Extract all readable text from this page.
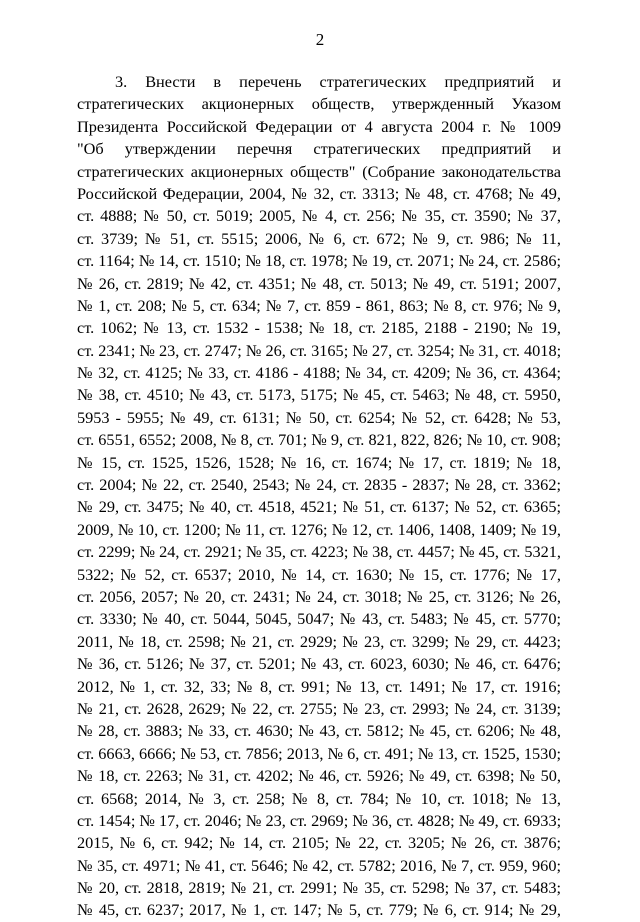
2
3. Внести в перечень стратегических предприятий и
стратегических акционерных обществ, утвержденный Указом
Президента Российской Федерации от 4 августа 2004 г. № 1009
"Об утверждении перечня стратегических предприятий и
стратегических акционерных обществ" (Собрание законодательства
Российской Федерации, 2004, № 32, ст. 3313; № 48, ст. 4768; № 49,
ст. 4888; № 50, ст. 5019; 2005, № 4, ст. 256; № 35, ст. 3590; № 37,
ст. 3739; № 51, ст. 5515; 2006, № 6, ст. 672; № 9, ст. 986; № 11,
ст. 1164; № 14, ст. 1510; № 18, ст. 1978; № 19, ст. 2071; № 24, ст. 2586;
№ 26, ст. 2819; № 42, ст. 4351; № 48, ст. 5013; № 49, ст. 5191; 2007,
№ 1, ст. 208; № 5, ст. 634; № 7, ст. 859 - 861, 863; № 8, ст. 976; № 9,
ст. 1062; № 13, ст. 1532 - 1538; № 18, ст. 2185, 2188 - 2190; № 19,
ст. 2341; № 23, ст. 2747; № 26, ст. 3165; № 27, ст. 3254; № 31, ст. 4018;
№ 32, ст. 4125; № 33, ст. 4186 - 4188; № 34, ст. 4209; № 36, ст. 4364;
№ 38, ст. 4510; № 43, ст. 5173, 5175; № 45, ст. 5463; № 48, ст. 5950,
5953 - 5955; № 49, ст. 6131; № 50, ст. 6254; № 52, ст. 6428; № 53,
ст. 6551, 6552; 2008, № 8, ст. 701; № 9, ст. 821, 822, 826; № 10, ст. 908;
№ 15, ст. 1525, 1526, 1528; № 16, ст. 1674; № 17, ст. 1819; № 18,
ст. 2004; № 22, ст. 2540, 2543; № 24, ст. 2835 - 2837; № 28, ст. 3362;
№ 29, ст. 3475; № 40, ст. 4518, 4521; № 51, ст. 6137; № 52, ст. 6365;
2009, № 10, ст. 1200; № 11, ст. 1276; № 12, ст. 1406, 1408, 1409; № 19,
ст. 2299; № 24, ст. 2921; № 35, ст. 4223; № 38, ст. 4457; № 45, ст. 5321,
5322; № 52, ст. 6537; 2010, № 14, ст. 1630; № 15, ст. 1776; № 17,
ст. 2056, 2057; № 20, ст. 2431; № 24, ст. 3018; № 25, ст. 3126; № 26,
ст. 3330; № 40, ст. 5044, 5045, 5047; № 43, ст. 5483; № 45, ст. 5770;
2011, № 18, ст. 2598; № 21, ст. 2929; № 23, ст. 3299; № 29, ст. 4423;
№ 36, ст. 5126; № 37, ст. 5201; № 43, ст. 6023, 6030; № 46, ст. 6476;
2012, № 1, ст. 32, 33; № 8, ст. 991; № 13, ст. 1491; № 17, ст. 1916;
№ 21, ст. 2628, 2629; № 22, ст. 2755; № 23, ст. 2993; № 24, ст. 3139;
№ 28, ст. 3883; № 33, ст. 4630; № 43, ст. 5812; № 45, ст. 6206; № 48,
ст. 6663, 6666; № 53, ст. 7856; 2013, № 6, ст. 491; № 13, ст. 1525, 1530;
№ 18, ст. 2263; № 31, ст. 4202; № 46, ст. 5926; № 49, ст. 6398; № 50,
ст. 6568; 2014, № 3, ст. 258; № 8, ст. 784; № 10, ст. 1018; № 13,
ст. 1454; № 17, ст. 2046; № 23, ст. 2969; № 36, ст. 4828; № 49, ст. 6933;
2015, № 6, ст. 942; № 14, ст. 2105; № 22, ст. 3205; № 26, ст. 3876;
№ 35, ст. 4971; № 41, ст. 5646; № 42, ст. 5782; 2016, № 7, ст. 959, 960;
№ 20, ст. 2818, 2819; № 21, ст. 2991; № 35, ст. 5298; № 37, ст. 5483;
№ 45, ст. 6237; 2017, № 1, ст. 147; № 5, ст. 779; № 6, ст. 914; № 29,
